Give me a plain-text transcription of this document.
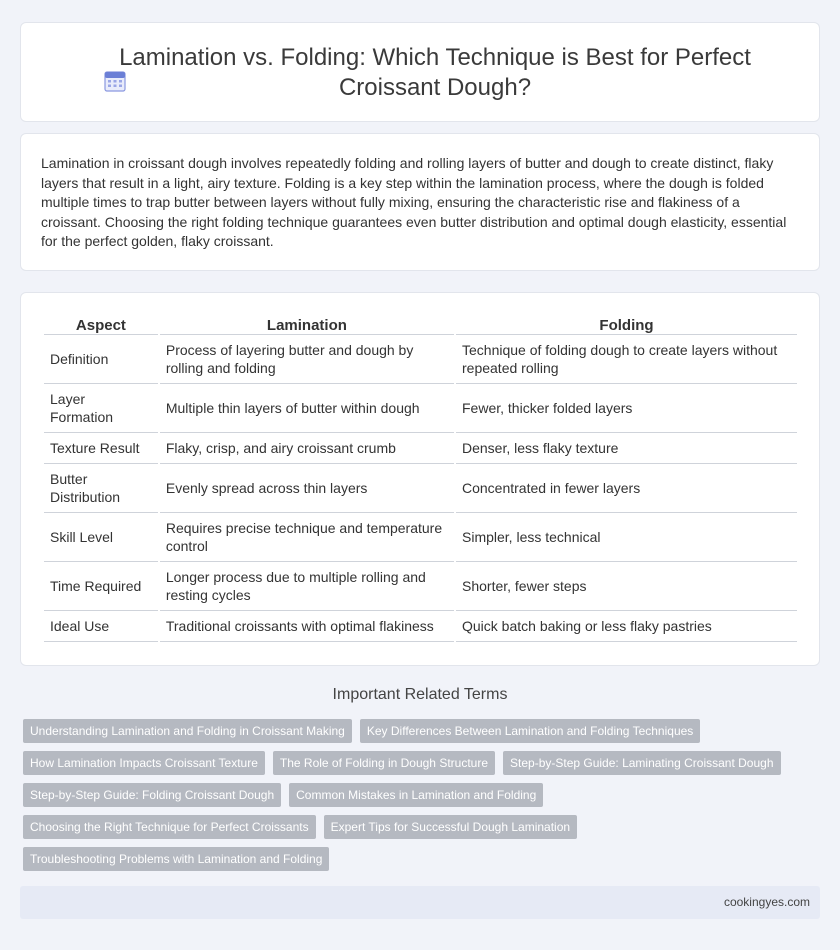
Lamination vs. Folding: Which Technique is Best for Perfect Croissant Dough?

Lamination in croissant dough involves repeatedly folding and rolling layers of butter and dough to create distinct, flaky layers that result in a light, airy texture. Folding is a key step within the lamination process, where the dough is folded multiple times to trap butter between layers without fully mixing, ensuring the characteristic rise and flakiness of a croissant. Choosing the right folding technique guarantees even butter distribution and optimal dough elasticity, essential for the perfect golden, flaky croissant.

Aspect	Lamination	Folding
Definition	Process of layering butter and dough by rolling and folding	Technique of folding dough to create layers without repeated rolling
Layer Formation	Multiple thin layers of butter within dough	Fewer, thicker folded layers
Texture Result	Flaky, crisp, and airy croissant crumb	Denser, less flaky texture
Butter Distribution	Evenly spread across thin layers	Concentrated in fewer layers
Skill Level	Requires precise technique and temperature control	Simpler, less technical
Time Required	Longer process due to multiple rolling and resting cycles	Shorter, fewer steps
Ideal Use	Traditional croissants with optimal flakiness	Quick batch baking or less flaky pastries
Important Related Terms
Understanding Lamination and Folding in Croissant Making	Key Differences Between Lamination and Folding Techniques
How Lamination Impacts Croissant Texture	The Role of Folding in Dough Structure	Step-by-Step Guide: Laminating Croissant Dough
Step-by-Step Guide: Folding Croissant Dough	Common Mistakes in Lamination and Folding
Choosing the Right Technique for Perfect Croissants	Expert Tips for Successful Dough Lamination
Troubleshooting Problems with Lamination and Folding
cookingyes.com
